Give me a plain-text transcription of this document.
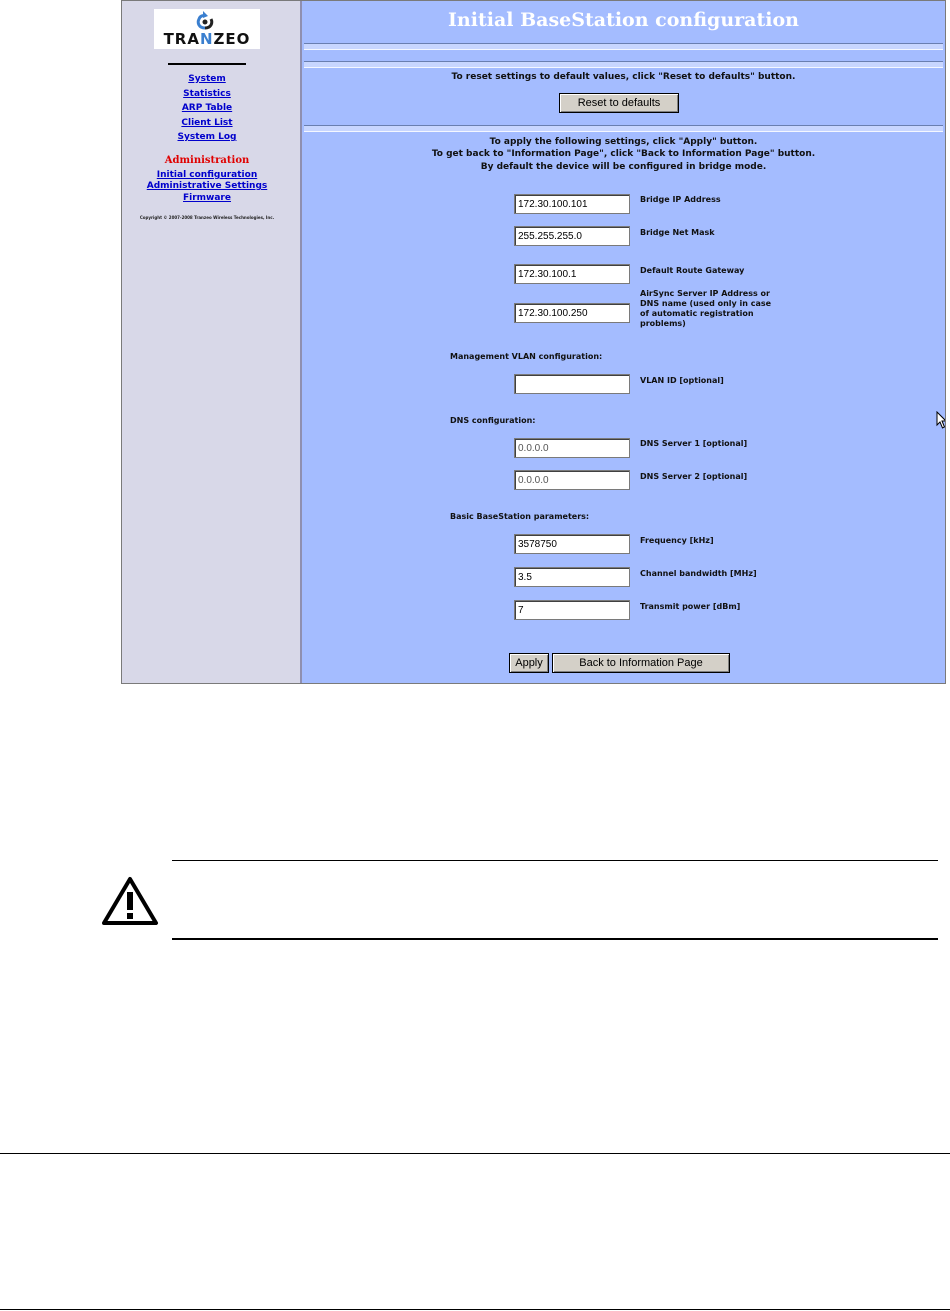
TRANZEO
System
Statistics
ARP Table
Client List
System Log
Administration
Initial configuration
Administrative Settings
Firmware
Copyright © 2007-2008 Tranzeo Wireless Technologies, Inc.
Initial BaseStation configuration
To reset settings to default values, click "Reset to defaults" button.
Reset to defaults
To apply the following settings, click "Apply" button.
To get back to "Information Page", click "Back to Information Page" button.
By default the device will be configured in bridge mode.
172.30.100.101
Bridge IP Address
255.255.255.0
Bridge Net Mask
172.30.100.1
Default Route Gateway
172.30.100.250
AirSync Server IP Address or DNS name (used only in case of automatic registration problems)
Management VLAN configuration:
VLAN ID [optional]
DNS configuration:
0.0.0.0
DNS Server 1 [optional]
0.0.0.0
DNS Server 2 [optional]
Basic BaseStation parameters:
3578750
Frequency [kHz]
3.5
Channel bandwidth [MHz]
7
Transmit power [dBm]
Apply	Back to Information Page
